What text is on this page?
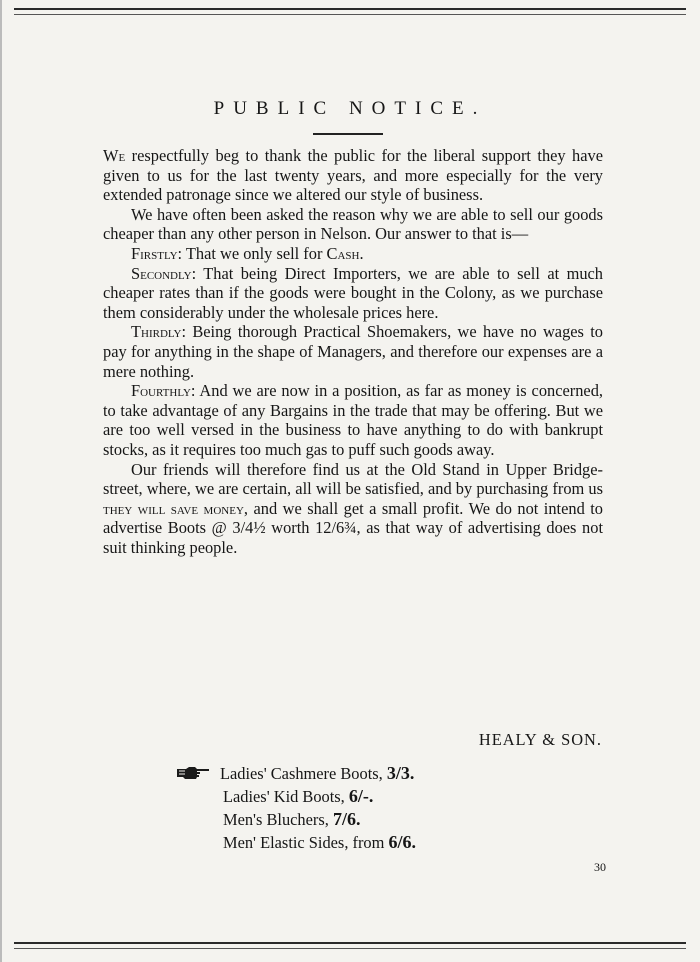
PUBLIC NOTICE.

We respectfully beg to thank the public for the liberal support they have given to us for the last twenty years, and more especially for the very extended patronage since we altered our style of business.

We have often been asked the reason why we are able to sell our goods cheaper than any other person in Nelson. Our answer to that is—

Firstly: That we only sell for Cash.

Secondly: That being Direct Importers, we are able to sell at much cheaper rates than if the goods were bought in the Colony, as we purchase them considerably under the wholesale prices here.

Thirdly: Being thorough Practical Shoemakers, we have no wages to pay for anything in the shape of Managers, and therefore our expenses are a mere nothing.

Fourthly: And we are now in a position, as far as money is concerned, to take advantage of any Bargains in the trade that may be offering. But we are too well versed in the business to have anything to do with bankrupt stocks, as it requires too much gas to puff such goods away.

Our friends will therefore find us at the Old Stand in Upper Bridge-street, where, we are certain, all will be satisfied, and by purchasing from us they will save money, and we shall get a small profit. We do not intend to advertise Boots @ 3/4½ worth 12/6¾, as that way of advertising does not suit thinking people.

HEALY & SON.
Ladies' Cashmere Boots, 3/3.
Ladies' Kid Boots, 6/-.
Men's Bluchers, 7/6.
Men' Elastic Sides, from 6/6.
30
